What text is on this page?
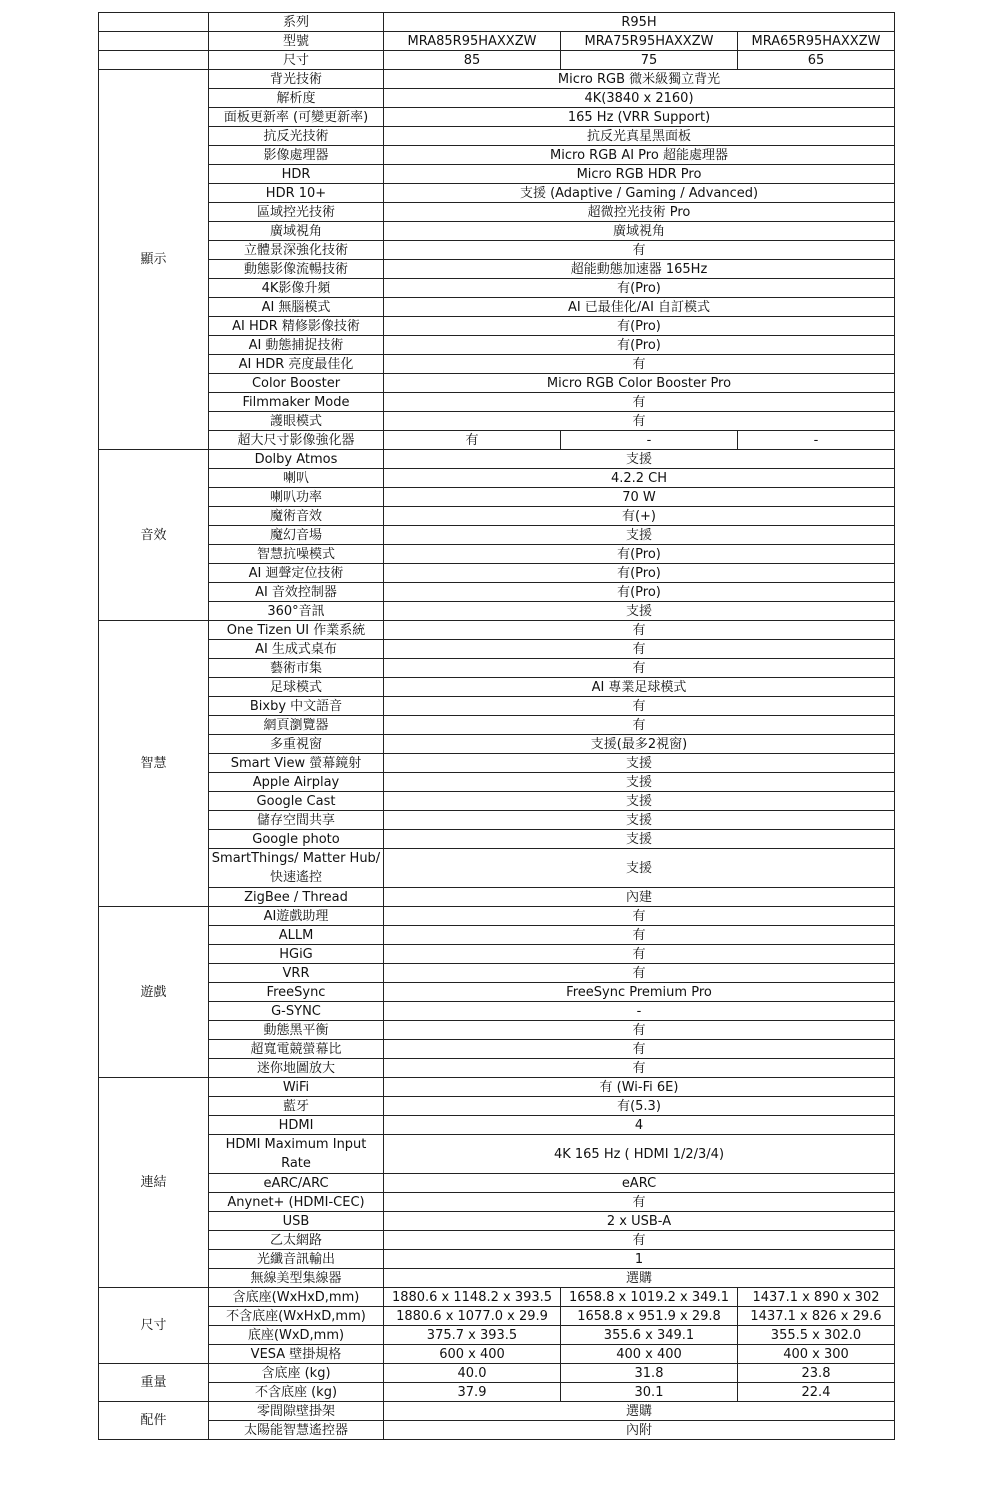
	系列	R95H		
	型號	MRA85R95HAXXZW	MRA75R95HAXXZW	MRA65R95HAXXZW
	尺寸	85	75	65
顯示	背光技術	Micro RGB 微米級獨立背光		
	解析度	4K(3840 x 2160)		
	面板更新率 (可變更新率)	165 Hz (VRR Support)		
	抗反光技術	抗反光真星黑面板		
	影像處理器	Micro RGB AI Pro 超能處理器		
	HDR	Micro RGB HDR Pro		
	HDR 10+	支援 (Adaptive / Gaming / Advanced)		
	區域控光技術	超微控光技術 Pro		
	廣域視角	廣域視角		
	立體景深強化技術	有		
	動態影像流暢技術	超能動態加速器 165Hz		
	4K影像升頻	有(Pro)		
	AI 無腦模式	AI 已最佳化/AI 自訂模式		
	AI HDR 精修影像技術	有(Pro)		
	AI 動態捕捉技術	有(Pro)		
	AI HDR 亮度最佳化	有		
	Color Booster	Micro RGB Color Booster Pro		
	Filmmaker Mode	有		
	護眼模式	有		
	超大尺寸影像強化器	有	-	-
音效	Dolby Atmos	支援		
	喇叭	4.2.2 CH		
	喇叭功率	70 W		
	魔術音效	有(+)		
	魔幻音場	支援		
	智慧抗噪模式	有(Pro)		
	AI 迴聲定位技術	有(Pro)		
	AI 音效控制器	有(Pro)		
	360°音訊	支援		
智慧	One Tizen UI 作業系統	有		
	AI 生成式桌布	有		
	藝術市集	有		
	足球模式	AI 專業足球模式		
	Bixby 中文語音	有		
	網頁瀏覽器	有		
	多重視窗	支援(最多2視窗)		
	Smart View 螢幕鏡射	支援		
	Apple Airplay	支援		
	Google Cast	支援		
	儲存空間共享	支援		
	Google photo	支援		
	SmartThings/ Matter Hub/快速遙控	支援		
	ZigBee / Thread	內建		
遊戲	AI遊戲助理	有		
	ALLM	有		
	HGiG	有		
	VRR	有		
	FreeSync	FreeSync Premium Pro		
	G-SYNC	-		
	動態黑平衡	有		
	超寬電競螢幕比	有		
	迷你地圖放大	有		
連結	WiFi	有 (Wi-Fi 6E)		
	藍牙	有(5.3)		
	HDMI	4		
	HDMI Maximum Input Rate	4K 165 Hz ( HDMI 1/2/3/4)		
	eARC/ARC	eARC		
	Anynet+ (HDMI-CEC)	有		
	USB	2 x USB-A		
	乙太網路	有		
	光纖音訊輸出	1		
	無線美型集線器	選購		
尺寸	含底座(WxHxD,mm)	1880.6 x 1148.2 x 393.5	1658.8 x 1019.2 x 349.1	1437.1 x 890 x 302
	不含底座(WxHxD,mm)	1880.6 x 1077.0 x 29.9	1658.8 x 951.9 x 29.8	1437.1 x 826 x 29.6
	底座(WxD,mm)	375.7 x 393.5	355.6 x 349.1	355.5 x 302.0
	VESA 壁掛規格	600 x 400	400 x 400	400 x 300
重量	含底座 (kg)	40.0	31.8	23.8
	不含底座 (kg)	37.9	30.1	22.4
配件	零間隙壁掛架	選購		
	太陽能智慧遙控器	內附		
